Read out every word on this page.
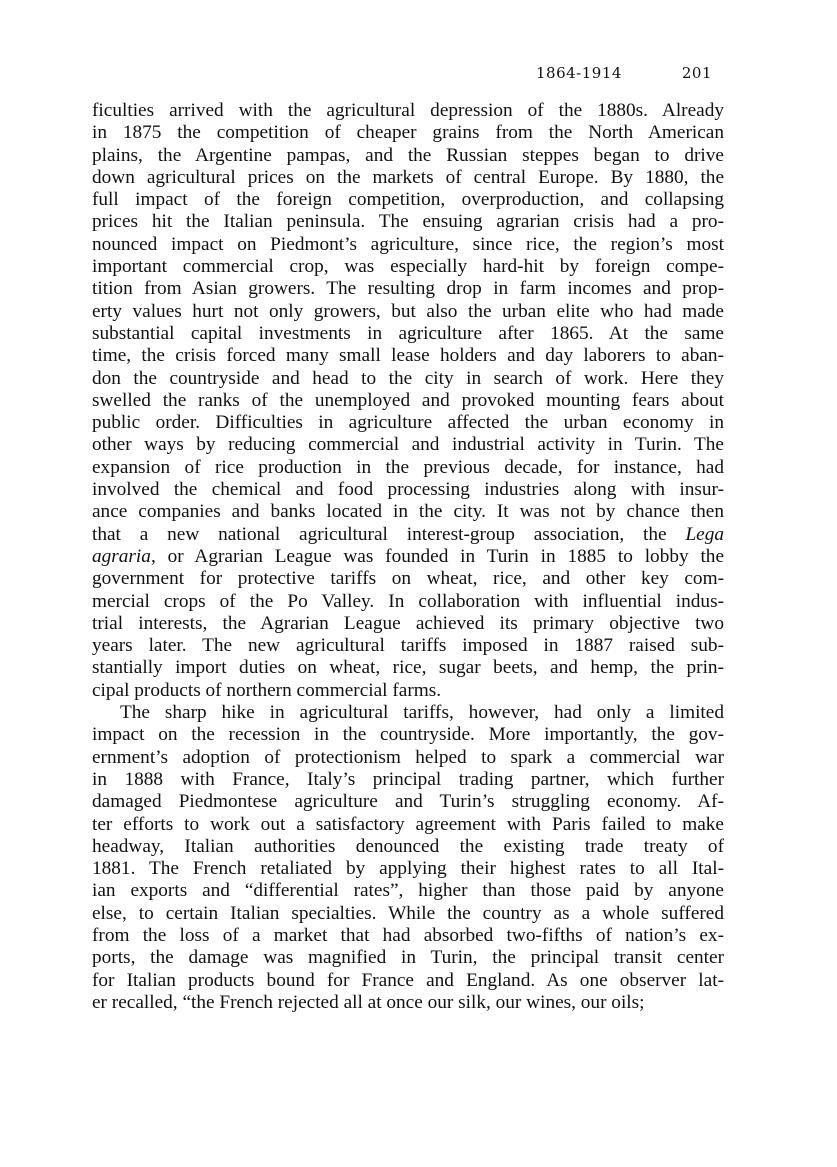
1864-1914	201
ficulties arrived with the agricultural depression of the 1880s. Already
in 1875 the competition of cheaper grains from the North American
plains, the Argentine pampas, and the Russian steppes began to drive
down agricultural prices on the markets of central Europe. By 1880, the
full impact of the foreign competition, overproduction, and collapsing
prices hit the Italian peninsula. The ensuing agrarian crisis had a pro-
nounced impact on Piedmont’s agriculture, since rice, the region’s most
important commercial crop, was especially hard-hit by foreign compe-
tition from Asian growers. The resulting drop in farm incomes and prop-
erty values hurt not only growers, but also the urban elite who had made
substantial capital investments in agriculture after 1865. At the same
time, the crisis forced many small lease holders and day laborers to aban-
don the countryside and head to the city in search of work. Here they
swelled the ranks of the unemployed and provoked mounting fears about
public order. Difficulties in agriculture affected the urban economy in
other ways by reducing commercial and industrial activity in Turin. The
expansion of rice production in the previous decade, for instance, had
involved the chemical and food processing industries along with insur-
ance companies and banks located in the city. It was not by chance then
that a new national agricultural interest-group association, the Lega
agraria, or Agrarian League was founded in Turin in 1885 to lobby the
government for protective tariffs on wheat, rice, and other key com-
mercial crops of the Po Valley. In collaboration with influential indus-
trial interests, the Agrarian League achieved its primary objective two
years later. The new agricultural tariffs imposed in 1887 raised sub-
stantially import duties on wheat, rice, sugar beets, and hemp, the prin-
cipal products of northern commercial farms.
The sharp hike in agricultural tariffs, however, had only a limited
impact on the recession in the countryside. More importantly, the gov-
ernment’s adoption of protectionism helped to spark a commercial war
in 1888 with France, Italy’s principal trading partner, which further
damaged Piedmontese agriculture and Turin’s struggling economy. Af-
ter efforts to work out a satisfactory agreement with Paris failed to make
headway, Italian authorities denounced the existing trade treaty of
1881. The French retaliated by applying their highest rates to all Ital-
ian exports and “differential rates”, higher than those paid by anyone
else, to certain Italian specialties. While the country as a whole suffered
from the loss of a market that had absorbed two-fifths of nation’s ex-
ports, the damage was magnified in Turin, the principal transit center
for Italian products bound for France and England. As one observer lat-
er recalled, “the French rejected all at once our silk, our wines, our oils;
